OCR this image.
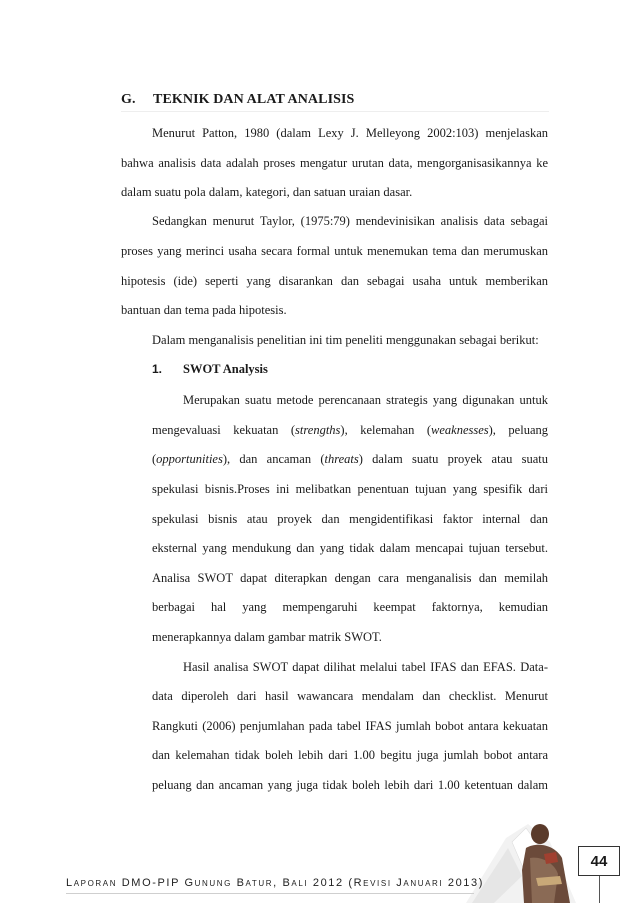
G. TEKNIK DAN ALAT ANALISIS
Menurut Patton, 1980 (dalam Lexy J. Melleyong 2002:103) menjelaskan
bahwa analisis data adalah proses mengatur urutan data, mengorganisasikannya ke
dalam suatu pola dalam, kategori, dan satuan uraian dasar.
Sedangkan menurut Taylor, (1975:79) mendevinisikan analisis data sebagai
proses yang merinci usaha secara formal untuk menemukan tema dan merumuskan
hipotesis (ide) seperti yang disarankan dan sebagai usaha untuk memberikan
bantuan dan tema pada hipotesis.
Dalam menganalisis penelitian ini tim peneliti menggunakan sebagai berikut:
1. SWOT Analysis
Merupakan suatu metode perencanaan strategis yang digunakan untuk
mengevaluasi kekuatan (strengths), kelemahan (weaknesses), peluang
(opportunities), dan ancaman (threats) dalam suatu proyek atau suatu
spekulasi bisnis.Proses ini melibatkan penentuan tujuan yang spesifik dari
spekulasi bisnis atau proyek dan mengidentifikasi faktor internal dan
eksternal yang mendukung dan yang tidak dalam mencapai tujuan tersebut.
Analisa SWOT dapat diterapkan dengan cara menganalisis dan memilah
berbagai hal yang mempengaruhi keempat faktornya, kemudian
menerapkannya dalam gambar matrik SWOT.
Hasil analisa SWOT dapat dilihat melalui tabel IFAS dan EFAS. Data-
data diperoleh dari hasil wawancara mendalam dan checklist. Menurut
Rangkuti (2006) penjumlahan pada tabel IFAS jumlah bobot antara kekuatan
dan kelemahan tidak boleh lebih dari 1.00 begitu juga jumlah bobot antara
peluang dan ancaman yang juga tidak boleh lebih dari 1.00 ketentuan dalam
Laporan DMO-PIP Gunung Batur, Bali 2012 (Revisi Januari 2013)
44
